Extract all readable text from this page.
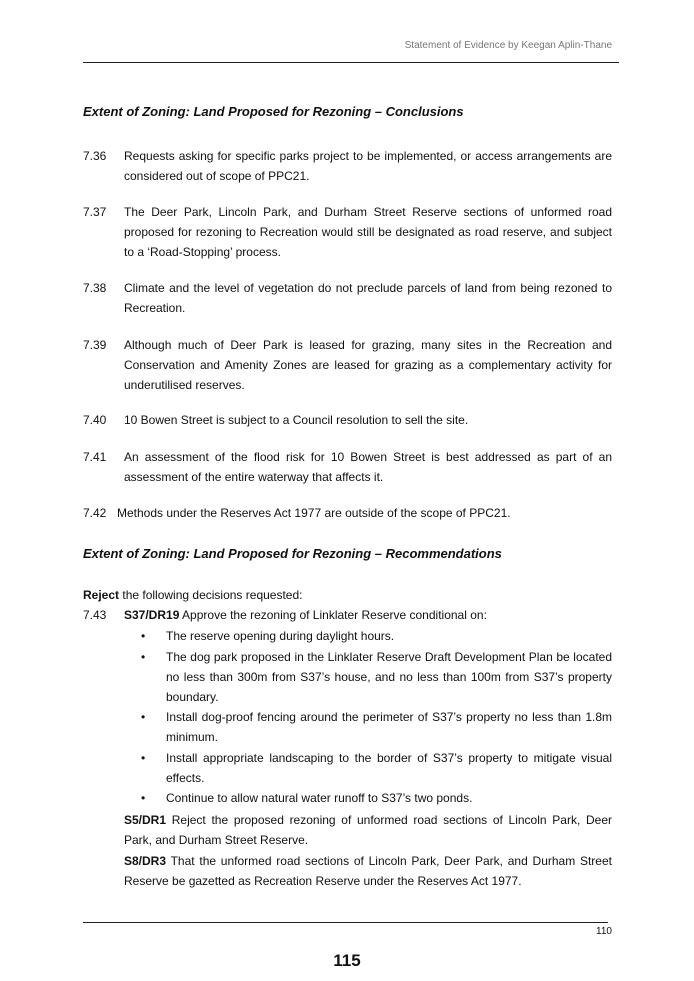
Statement of Evidence by Keegan Aplin-Thane
Extent of Zoning: Land Proposed for Rezoning – Conclusions
7.36 Requests asking for specific parks project to be implemented, or access arrangements are considered out of scope of PPC21.
7.37 The Deer Park, Lincoln Park, and Durham Street Reserve sections of unformed road proposed for rezoning to Recreation would still be designated as road reserve, and subject to a ‘Road-Stopping’ process.
7.38 Climate and the level of vegetation do not preclude parcels of land from being rezoned to Recreation.
7.39 Although much of Deer Park is leased for grazing, many sites in the Recreation and Conservation and Amenity Zones are leased for grazing as a complementary activity for underutilised reserves.
7.40 10 Bowen Street is subject to a Council resolution to sell the site.
7.41 An assessment of the flood risk for 10 Bowen Street is best addressed as part of an assessment of the entire waterway that affects it.
7.42 Methods under the Reserves Act 1977 are outside of the scope of PPC21.
Extent of Zoning: Land Proposed for Rezoning – Recommendations
Reject the following decisions requested:
7.43 S37/DR19 Approve the rezoning of Linklater Reserve conditional on:
• The reserve opening during daylight hours.
• The dog park proposed in the Linklater Reserve Draft Development Plan be located no less than 300m from S37’s house, and no less than 100m from S37’s property boundary.
• Install dog-proof fencing around the perimeter of S37’s property no less than 1.8m minimum.
• Install appropriate landscaping to the border of S37’s property to mitigate visual effects.
• Continue to allow natural water runoff to S37’s two ponds.
S5/DR1 Reject the proposed rezoning of unformed road sections of Lincoln Park, Deer Park, and Durham Street Reserve.
S8/DR3 That the unformed road sections of Lincoln Park, Deer Park, and Durham Street Reserve be gazetted as Recreation Reserve under the Reserves Act 1977.
110
115
